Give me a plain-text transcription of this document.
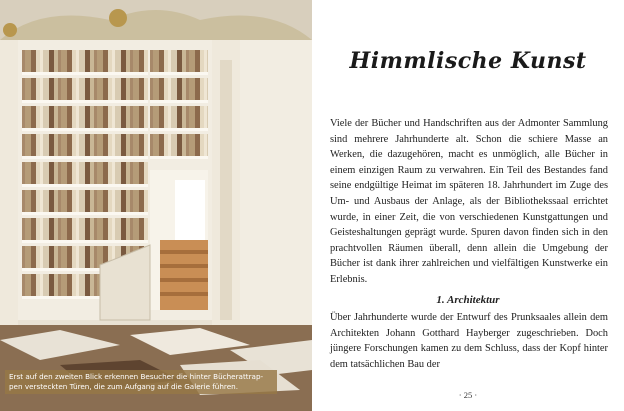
Erst auf den zweiten Blick erkennen Besucher die hinter Bücherattrap-pen versteckten Türen, die zum Aufgang auf die Galerie führen.
Himmlische Kunst

Viele der Bücher und Handschriften aus der Admonter Sammlung sind mehrere Jahrhunderte alt. Schon die schiere Masse an Werken, die dazugehören, macht es unmöglich, alle Bücher in einem einzigen Raum zu verwahren. Ein Teil des Bestandes fand seine endgültige Heimat im späteren 18. Jahrhundert im Zuge des Um- und Ausbaus der Anlage, als der Bibliothekssaal errichtet wurde, in einer Zeit, die von verschiedenen Kunstgattungen und Geisteshaltungen geprägt wurde. Spuren davon finden sich in den prachtvollen Räumen überall, denn allein die Umgebung der Bücher ist dank ihrer zahlreichen und vielfältigen Kunstwerke ein Erlebnis.

1. Architektur

Über Jahrhunderte wurde der Entwurf des Prunksaales allein dem Architekten Johann Gotthard Hayberger zugeschrieben. Doch jüngere Forschungen kamen zu dem Schluss, dass der Kopf hinter dem tatsächlichen Bau der

· 25 ·
